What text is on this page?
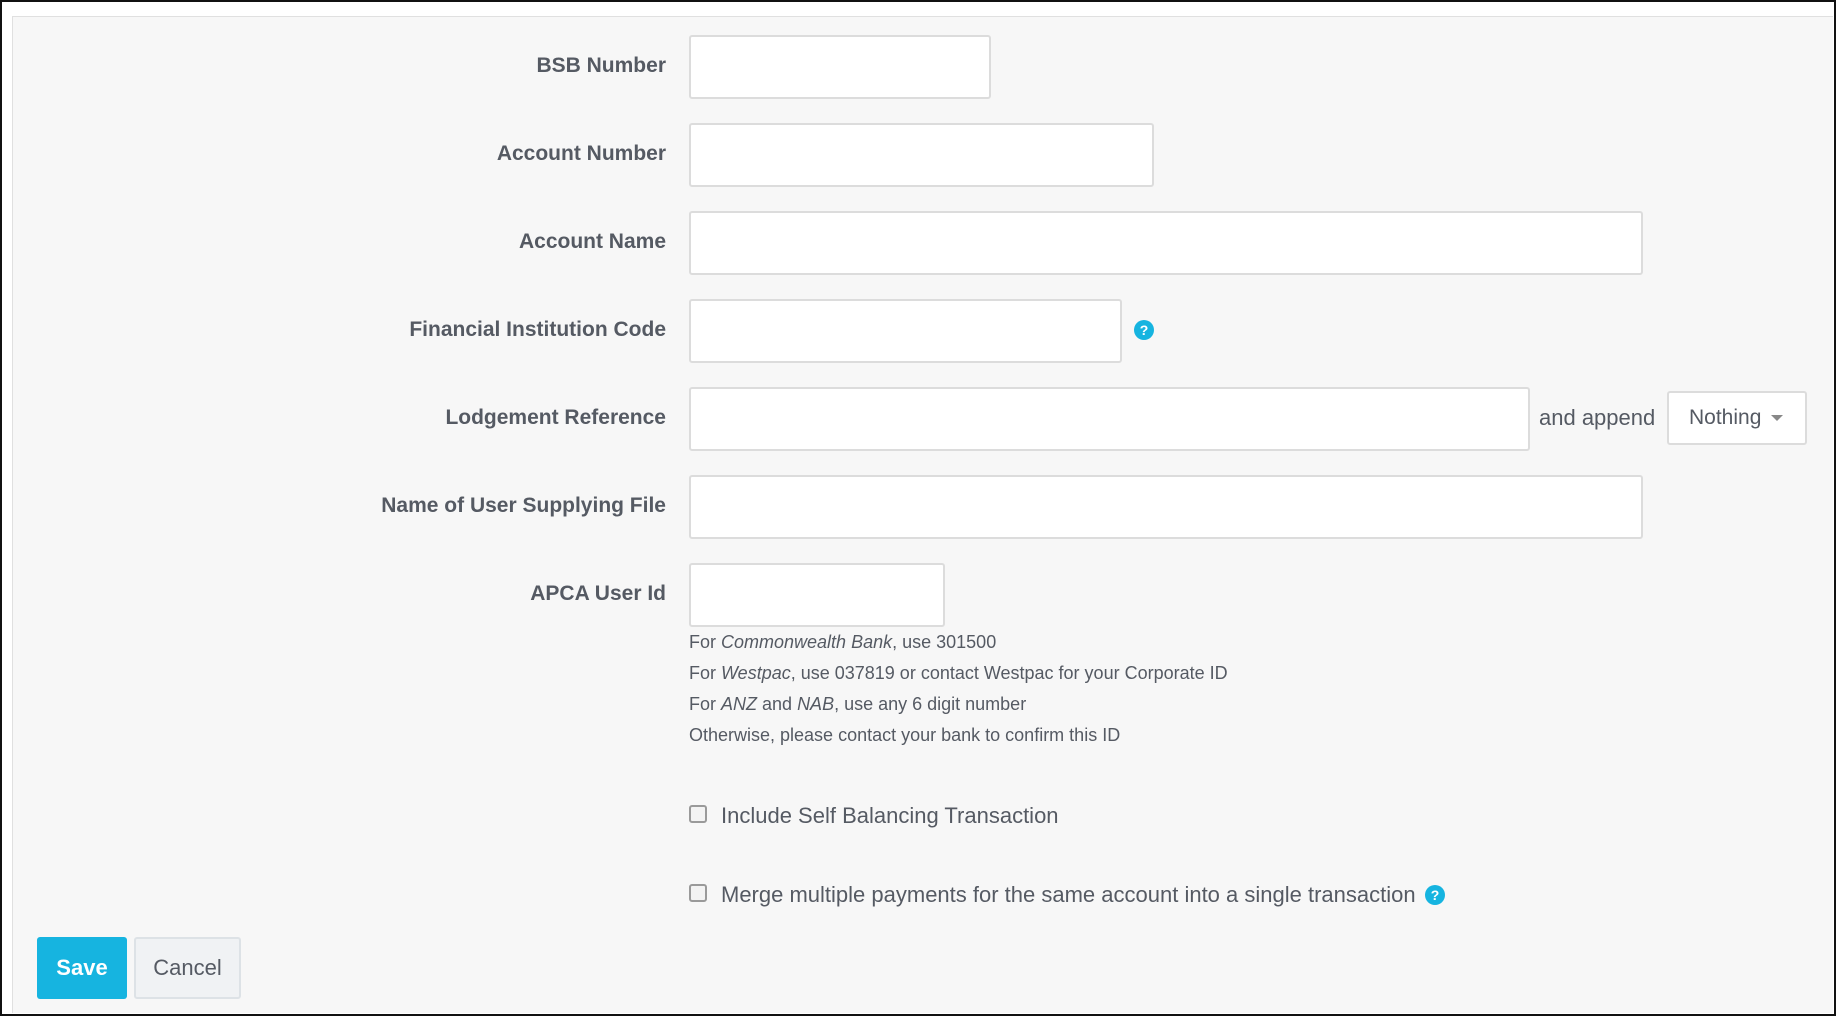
BSB Number
Account Number
Account Name
Financial Institution Code	?
Lodgement Reference	and append Nothing
Name of User Supplying File
APCA User Id
For Commonwealth Bank, use 301500
For Westpac, use 037819 or contact Westpac for your Corporate ID
For ANZ and NAB, use any 6 digit number
Otherwise, please contact your bank to confirm this ID
Include Self Balancing Transaction
Merge multiple payments for the same account into a single transaction	?
Save	Cancel
